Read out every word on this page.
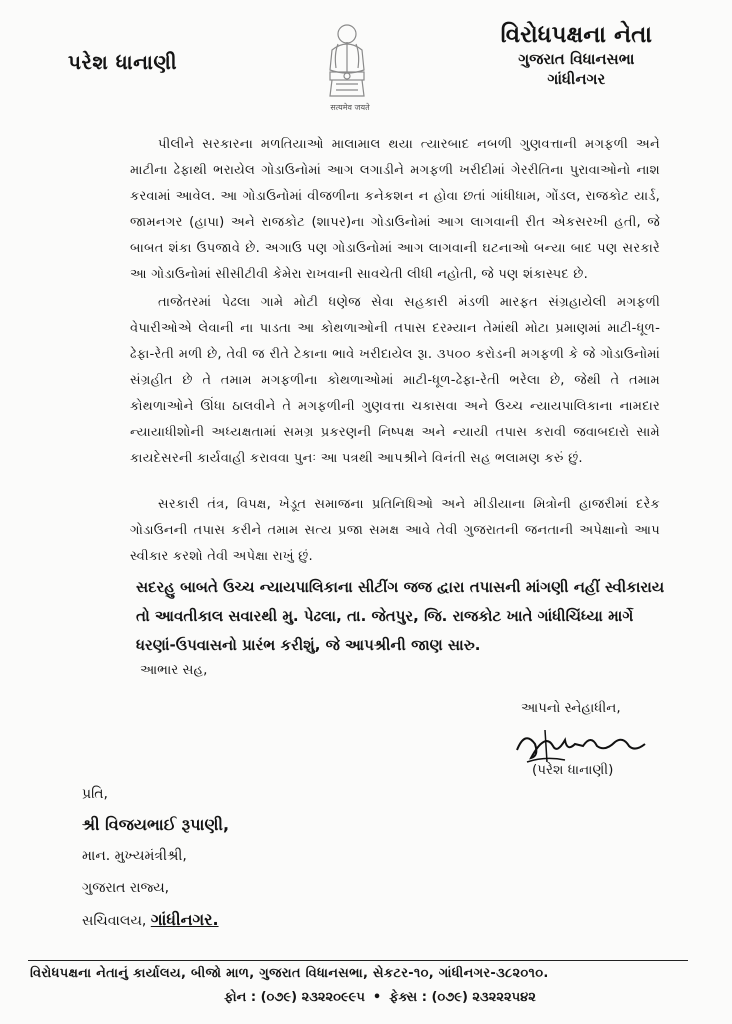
પરેશ ધાનાણી
सत्यमेव जयते
વિરોધપક્ષના નેતા
ગુજરાત વિધાનસભા
ગાંધીનગર
પીલીને સરકારના મળતિયાઓ માલામાલ થયા ત્યારબાદ નબળી ગુણવત્તાની મગફળી અને માટીના ઢેફાથી ભરાયેલ ગોડાઉનોમાં આગ લગાડીને મગફળી ખરીદીમાં ગેરરીતિના પુરાવાઓનો નાશ કરવામાં આવેલ. આ ગોડાઉનોમાં વીજળીના કનેકશન ન હોવા છતાં ગાંધીધામ, ગોંડલ, રાજકોટ યાર્ડ, જામનગર (હાપા) અને રાજકોટ (શાપર)ના ગોડાઉનોમાં આગ લાગવાની રીત એકસરખી હતી, જે બાબત શંકા ઉપજાવે છે. અગાઉ પણ ગોડાઉનોમાં આગ લાગવાની ઘટનાઓ બન્યા બાદ પણ સરકારે આ ગોડાઉનોમાં સીસીટીવી કેમેરા રાખવાની સાવચેતી લીધી નહોતી, જે પણ શંકાસ્પદ છે.
તાજેતરમાં પેઢલા ગામે મોટી ધણેજ સેવા સહકારી મંડળી મારફત સંગ્રહાયેલી મગફળી વેપારીઓએ લેવાની ના પાડતા આ કોથળાઓની તપાસ દરમ્યાન તેમાંથી મોટા પ્રમાણમાં માટી-ધૂળ-ઢેફા-રેતી મળી છે, તેવી જ રીતે ટેકાના ભાવે ખરીદાયેલ રૂા. ૩૫૦૦ કરોડની મગફળી કે જે ગોડાઉનોમાં સંગ્રહીત છે તે તમામ મગફળીના કોથળાઓમાં માટી-ધૂળ-ઢેફા-રેતી ભરેલા છે, જેથી તે તમામ કોથળાઓને ઊંધા ઠાલવીને તે મગફળીની ગુણવત્તા ચકાસવા અને ઉચ્ચ ન્યાયપાલિકાના નામદાર ન્યાયાધીશોની અધ્યક્ષતામાં સમગ્ર પ્રકરણની નિષ્પક્ષ અને ન્યાયી તપાસ કરાવી જવાબદારો સામે કાયદેસરની કાર્યવાહી કરાવવા પુનઃ આ પત્રથી આપશ્રીને વિનંતી સહ ભલામણ કરું છું.
સરકારી તંત્ર, વિપક્ષ, ખેડૂત સમાજના પ્રતિનિધિઓ અને મીડીયાના મિત્રોની હાજરીમાં દરેક ગોડાઉનની તપાસ કરીને તમામ સત્ય પ્રજા સમક્ષ આવે તેવી ગુજરાતની જનતાની અપેક્ષાનો આપ સ્વીકાર કરશો તેવી અપેક્ષા રાખું છું.
સદરહુ બાબતે ઉચ્ચ ન્યાયપાલિકાના સીટીંગ જજ દ્વારા તપાસની માંગણી નહીં સ્વીકારાય તો આવતીકાલ સવારથી મુ. પેઢલા, તા. જેતપુર, જિ. રાજકોટ ખાતે ગાંધીચિંધ્યા માર્ગે ધરણાં-ઉપવાસનો પ્રારંભ કરીશું, જે આપશ્રીની જાણ સારુ.
આભાર સહ,
આપનો સ્નેહાધીન,
(પરેશ ધાનાણી)
પ્રતિ,
શ્રી વિજયભાઈ રૂપાણી,
માન. મુખ્યમંત્રીશ્રી,
ગુજરાત રાજ્ય,
સચિવાલય, ગાંધીનગર.
વિરોધપક્ષના નેતાનું કાર્યાલય, બીજો માળ, ગુજરાત વિધાનસભા, સેકટર-૧૦, ગાંધીનગર-૩૮૨૦૧૦.
ફોન : (૦૭૯) ૨૩૨૨૦૯૯૫ • ફેક્સ : (૦૭૯) ૨૩૨૨૨૫૪૨
